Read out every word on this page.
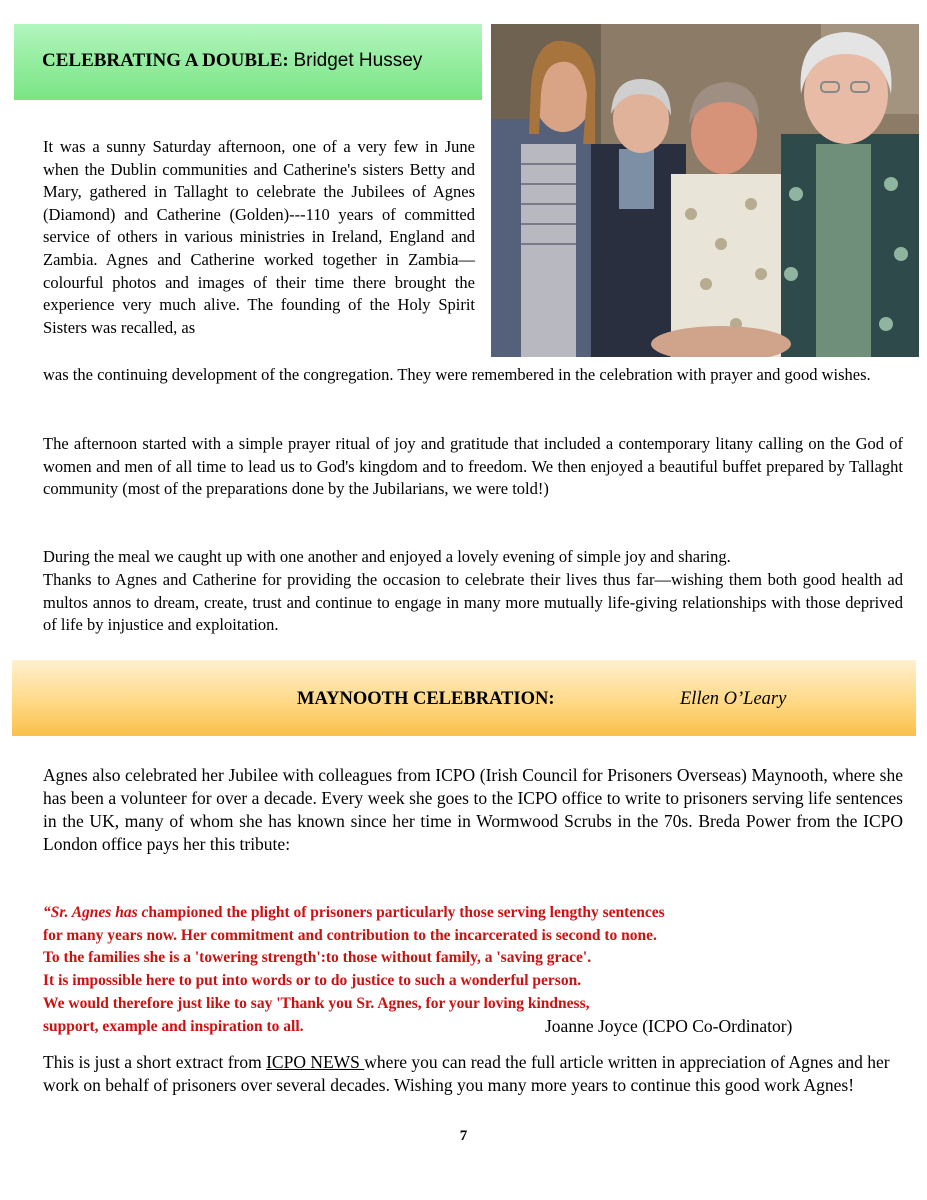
CELEBRATING A DOUBLE: Bridget Hussey
It was a sunny Saturday afternoon, one of a very few in June when the Dublin communities and Catherine's sisters Betty and Mary, gathered in Tallaght to celebrate the Jubilees of Agnes (Diamond) and Catherine (Golden)---110 years of committed service of others in various ministries in Ireland, England and Zambia. Agnes and Catherine worked together in Zambia—colourful photos and images of their time there brought the experience very much alive. The founding of the Holy Spirit Sisters was recalled, as
was the continuing development of the congregation. They were remembered in the celebration with prayer and good wishes.
The afternoon started with a simple prayer ritual of joy and gratitude that included a contemporary litany calling on the God of women and men of all time to lead us to God's kingdom and to freedom. We then enjoyed a beautiful buffet prepared by Tallaght community (most of the preparations done by the Jubilarians, we were told!)
During the meal we caught up with one another and enjoyed a lovely evening of simple joy and sharing.
Thanks to Agnes and Catherine for providing the occasion to celebrate their lives thus far—wishing them both good health ad multos annos to dream, create, trust and continue to engage in many more mutually life-giving relationships with those deprived of life by injustice and exploitation.
MAYNOOTH CELEBRATION:	Ellen O’Leary
Agnes also celebrated her Jubilee with colleagues from ICPO (Irish Council for Prisoners Overseas) Maynooth, where she has been a volunteer for over a decade. Every week she goes to the ICPO office to write to prisoners serving life sentences in the UK, many of whom she has known since her time in Wormwood Scrubs in the 70s. Breda Power from the ICPO London office pays her this tribute:
“Sr. Agnes has championed the plight of prisoners particularly those serving lengthy sentences
for many years now. Her commitment and contribution to the incarcerated is second to none.
To the families she is a 'towering strength':to those without family, a 'saving grace'.
It is impossible here to put into words or to do justice to such a wonderful person.
We would therefore just like to say 'Thank you Sr. Agnes, for your loving kindness,
support, example and inspiration to all.	Joanne Joyce (ICPO Co-Ordinator)
This is just a short extract from ICPO NEWS where you can read the full article written in appreciation of Agnes and her work on behalf of prisoners over several decades. Wishing you many more years to continue this good work Agnes!
7
